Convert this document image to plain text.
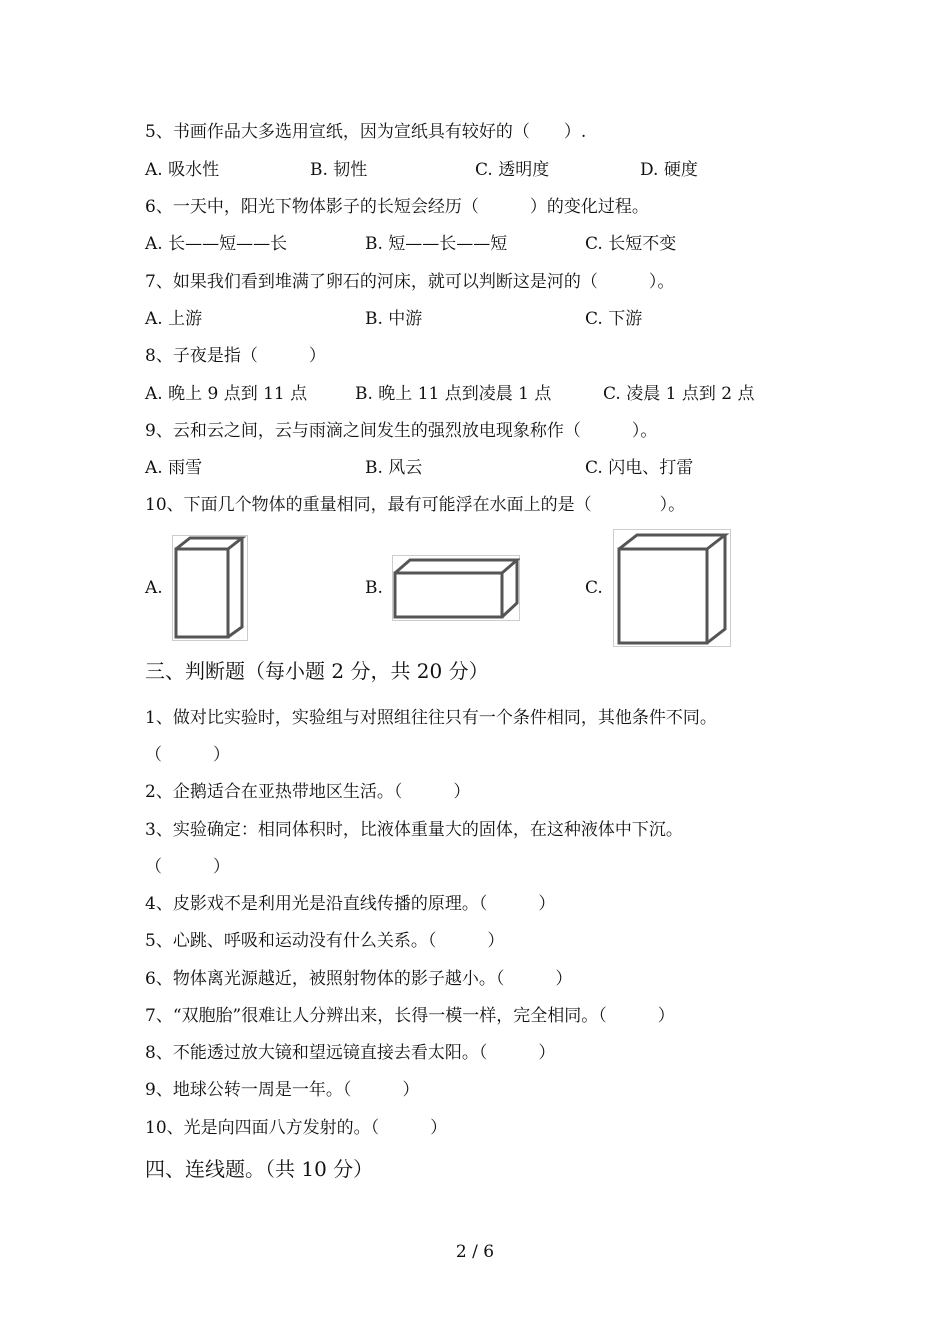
5、书画作品大多选用宣纸，因为宣纸具有较好的（　　）.
A. 吸水性	B. 韧性	C. 透明度	D. 硬度
6、一天中，阳光下物体影子的长短会经历（　　　）的变化过程。
A. 长——短——长	B. 短——长——短	C. 长短不变
7、如果我们看到堆满了卵石的河床，就可以判断这是河的（　　　）。
A. 上游	B. 中游	C. 下游
8、子夜是指（　　　）
A. 晚上 9 点到 11 点	B. 晚上 11 点到凌晨 1 点	C. 凌晨 1 点到 2 点
9、云和云之间，云与雨滴之间发生的强烈放电现象称作（　　　）。
A. 雨雪	B. 风云	C. 闪电、打雷
10、下面几个物体的重量相同，最有可能浮在水面上的是（　　　　）。
A.	B.	C.
三、判断题（每小题 2 分，共 20 分）
1、做对比实验时，实验组与对照组往往只有一个条件相同，其他条件不同。
（　　　）
2、企鹅适合在亚热带地区生活。（　　　）
3、实验确定：相同体积时，比液体重量大的固体，在这种液体中下沉。
（　　　）
4、皮影戏不是利用光是沿直线传播的原理。（　　　）
5、心跳、呼吸和运动没有什么关系。（　　　）
6、物体离光源越近，被照射物体的影子越小。（　　　）
7、“双胞胎”很难让人分辨出来，长得一模一样，完全相同。（　　　）
8、不能透过放大镜和望远镜直接去看太阳。（　　　）
9、地球公转一周是一年。（　　　）
10、光是向四面八方发射的。（　　　）
四、连线题。（共 10 分）
2 / 6
